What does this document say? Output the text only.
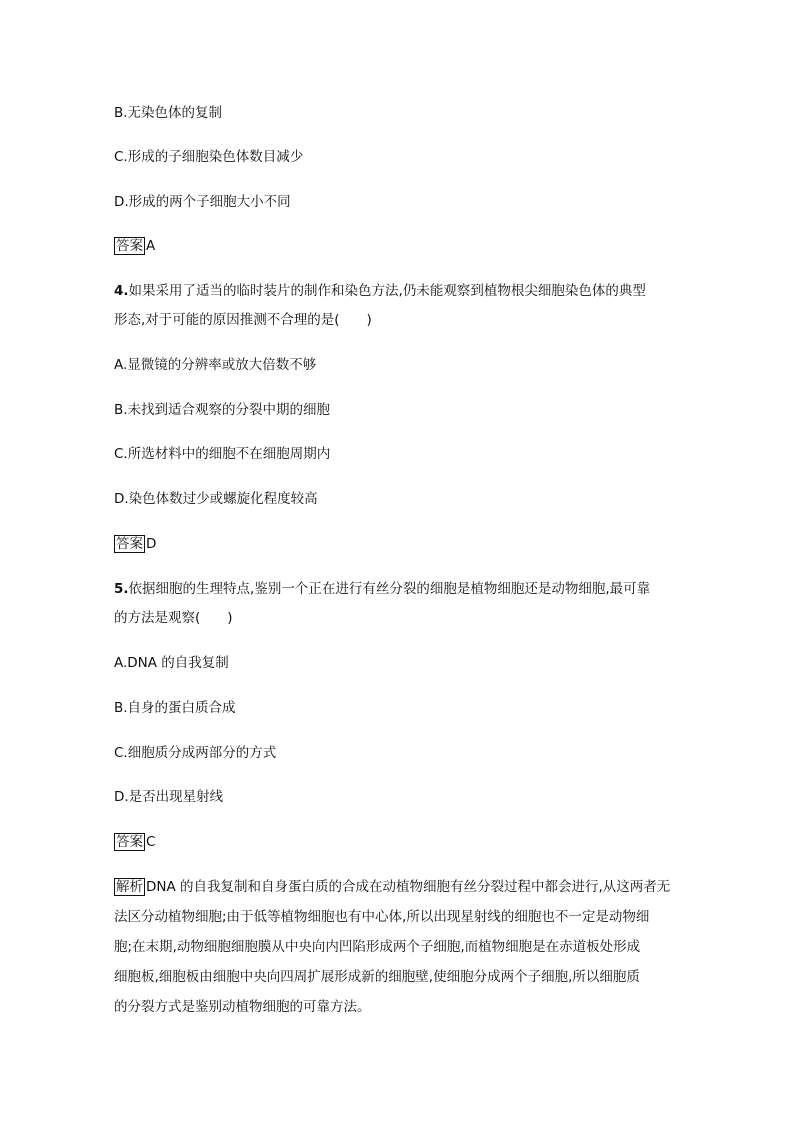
B.无染色体的复制
C.形成的子细胞染色体数目减少
D.形成的两个子细胞大小不同
答案 A
4.如果采用了适当的临时装片的制作和染色方法,仍未能观察到植物根尖细胞染色体的典型
形态,对于可能的原因推测不合理的是(　　)
A.显微镜的分辨率或放大倍数不够
B.未找到适合观察的分裂中期的细胞
C.所选材料中的细胞不在细胞周期内
D.染色体数过少或螺旋化程度较高
答案 D
5.依据细胞的生理特点,鉴别一个正在进行有丝分裂的细胞是植物细胞还是动物细胞,最可靠
的方法是观察(　　)
A.DNA 的自我复制
B.自身的蛋白质合成
C.细胞质分成两部分的方式
D.是否出现星射线
答案 C
解析 DNA 的自我复制和自身蛋白质的合成在动植物细胞有丝分裂过程中都会进行,从这两者无
法区分动植物细胞;由于低等植物细胞也有中心体,所以出现星射线的细胞也不一定是动物细
胞;在末期,动物细胞细胞膜从中央向内凹陷形成两个子细胞,而植物细胞是在赤道板处形成
细胞板,细胞板由细胞中央向四周扩展形成新的细胞壁,使细胞分成两个子细胞,所以细胞质
的分裂方式是鉴别动植物细胞的可靠方法。
